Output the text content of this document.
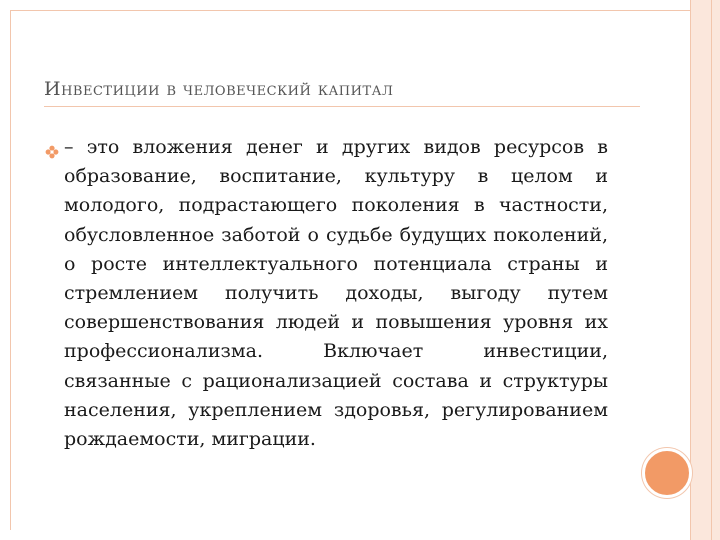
Инвестиции в человеческий капитал
– это вложения денег и других видов ресурсов в образование, воспитание, культуру в целом и молодого, подрастающего поколения в частности, обусловленное заботой о судьбе будущих поколений, о росте интеллектуального потенциала страны и стремлением получить доходы, выгоду путем совершенствования людей и повышения уровня их профессионализма. Включает инвестиции, связанные с рационализацией состава и структуры населения, укреплением здоровья, регулированием рождаемости, миграции.
